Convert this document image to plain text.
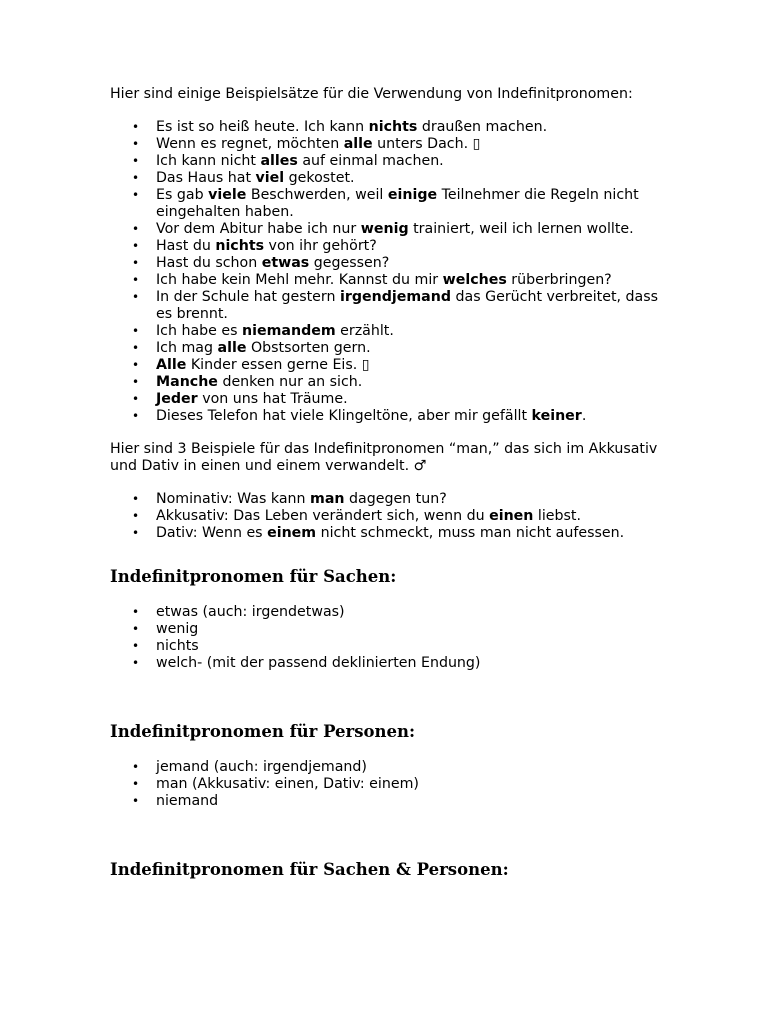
Hier sind einige Beispielsätze für die Verwendung von Indefinitpronomen:

• Es ist so heiß heute. Ich kann nichts draußen machen.
• Wenn es regnet, möchten alle unters Dach. ▯
• Ich kann nicht alles auf einmal machen.
• Das Haus hat viel gekostet.
• Es gab viele Beschwerden, weil einige Teilnehmer die Regeln nicht eingehalten haben.
• Vor dem Abitur habe ich nur wenig trainiert, weil ich lernen wollte.
• Hast du nichts von ihr gehört?
• Hast du schon etwas gegessen?
• Ich habe kein Mehl mehr. Kannst du mir welches rüberbringen?
• In der Schule hat gestern irgendjemand das Gerücht verbreitet, dass es brennt.
• Ich habe es niemandem erzählt.
• Ich mag alle Obstsorten gern.
• Alle Kinder essen gerne Eis. ▯
• Manche denken nur an sich.
• Jeder von uns hat Träume.
• Dieses Telefon hat viele Klingeltöne, aber mir gefällt keiner.

Hier sind 3 Beispiele für das Indefinitpronomen “man,” das sich im Akkusativ und Dativ in einen und einem verwandelt. ♂

• Nominativ: Was kann man dagegen tun?
• Akkusativ: Das Leben verändert sich, wenn du einen liebst.
• Dativ: Wenn es einem nicht schmeckt, muss man nicht aufessen.
Indefinitpronomen für Sachen:
• etwas (auch: irgendetwas)
• wenig
• nichts
• welch- (mit der passend deklinierten Endung)
Indefinitpronomen für Personen:
• jemand (auch: irgendjemand)
• man (Akkusativ: einen, Dativ: einem)
• niemand
Indefinitpronomen für Sachen & Personen:
